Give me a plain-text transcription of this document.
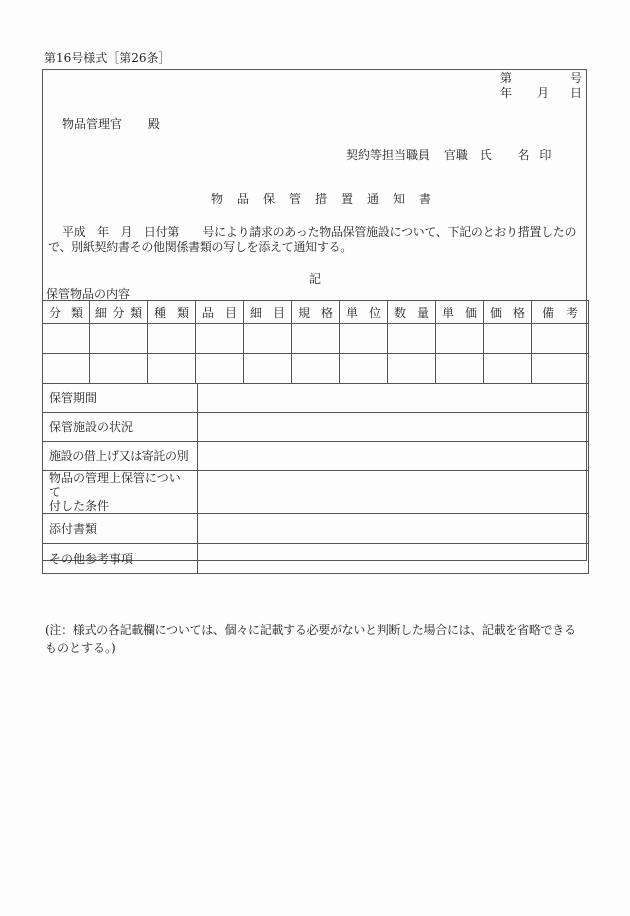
第16号様式［第26条］
第	号
年 月 日
物品管理官 殿
契約等担当職員 官職 氏 名 印
物 品 保 管 措 置 通 知 書
平成　年　月　日付第　　号により請求のあった物品保管施設について、下記のとおり措置したの
で、別紙契約書その他関係書類の写しを添えて通知する。
記
保管物品の内容
分 類	細 分 類	種 類	品 目	細 目	規 格	単 位	数 量	単 価	価 格	備 考

保管期間	
保管施設の状況	
施設の借上げ又は寄託の別	

物品の管理上保管について
付した条件	

添付書類	
その他参考事項	
(注：様式の各記載欄については、個々に記載する必要がないと判断した場合には、記載を省略できる
ものとする。)
